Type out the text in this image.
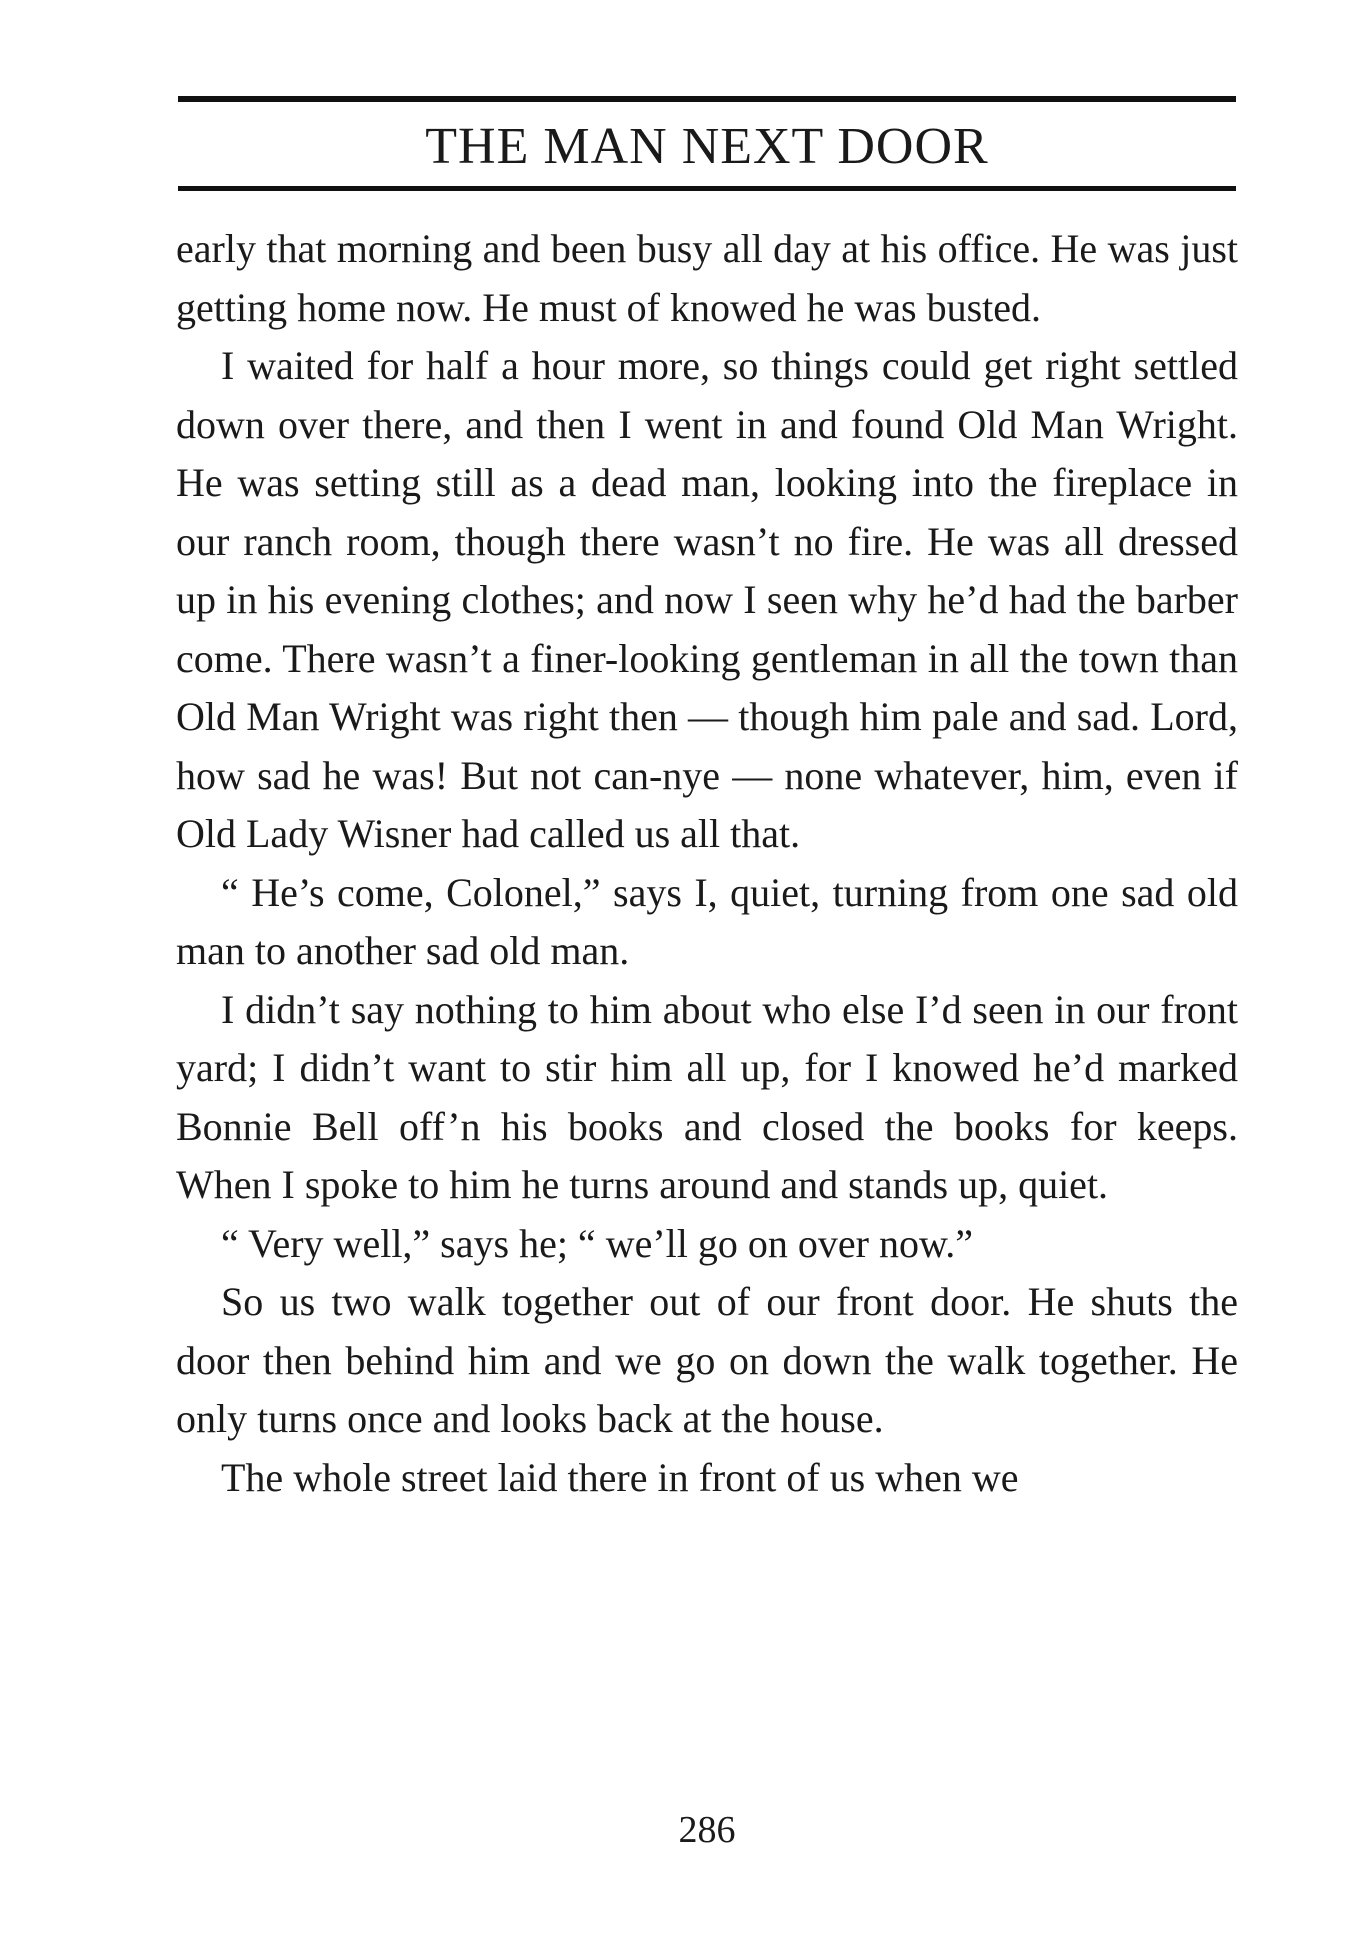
THE MAN NEXT DOOR

early that morning and been busy all day at his office. He was just getting home now. He must of knowed he was busted.

I waited for half a hour more, so things could get right settled down over there, and then I went in and found Old Man Wright. He was setting still as a dead man, looking into the fireplace in our ranch room, though there wasn’t no fire. He was all dressed up in his evening clothes; and now I seen why he’d had the barber come. There wasn’t a finer-looking gentleman in all the town than Old Man Wright was right then — though him pale and sad. Lord, how sad he was! But not can-nye — none whatever, him, even if Old Lady Wisner had called us all that.

“ He’s come, Colonel,” says I, quiet, turning from one sad old man to another sad old man.

I didn’t say nothing to him about who else I’d seen in our front yard; I didn’t want to stir him all up, for I knowed he’d marked Bonnie Bell off’n his books and closed the books for keeps. When I spoke to him he turns around and stands up, quiet.

“ Very well,” says he; “ we’ll go on over now.”

So us two walk together out of our front door. He shuts the door then behind him and we go on down the walk together. He only turns once and looks back at the house.

The whole street laid there in front of us when we

286
